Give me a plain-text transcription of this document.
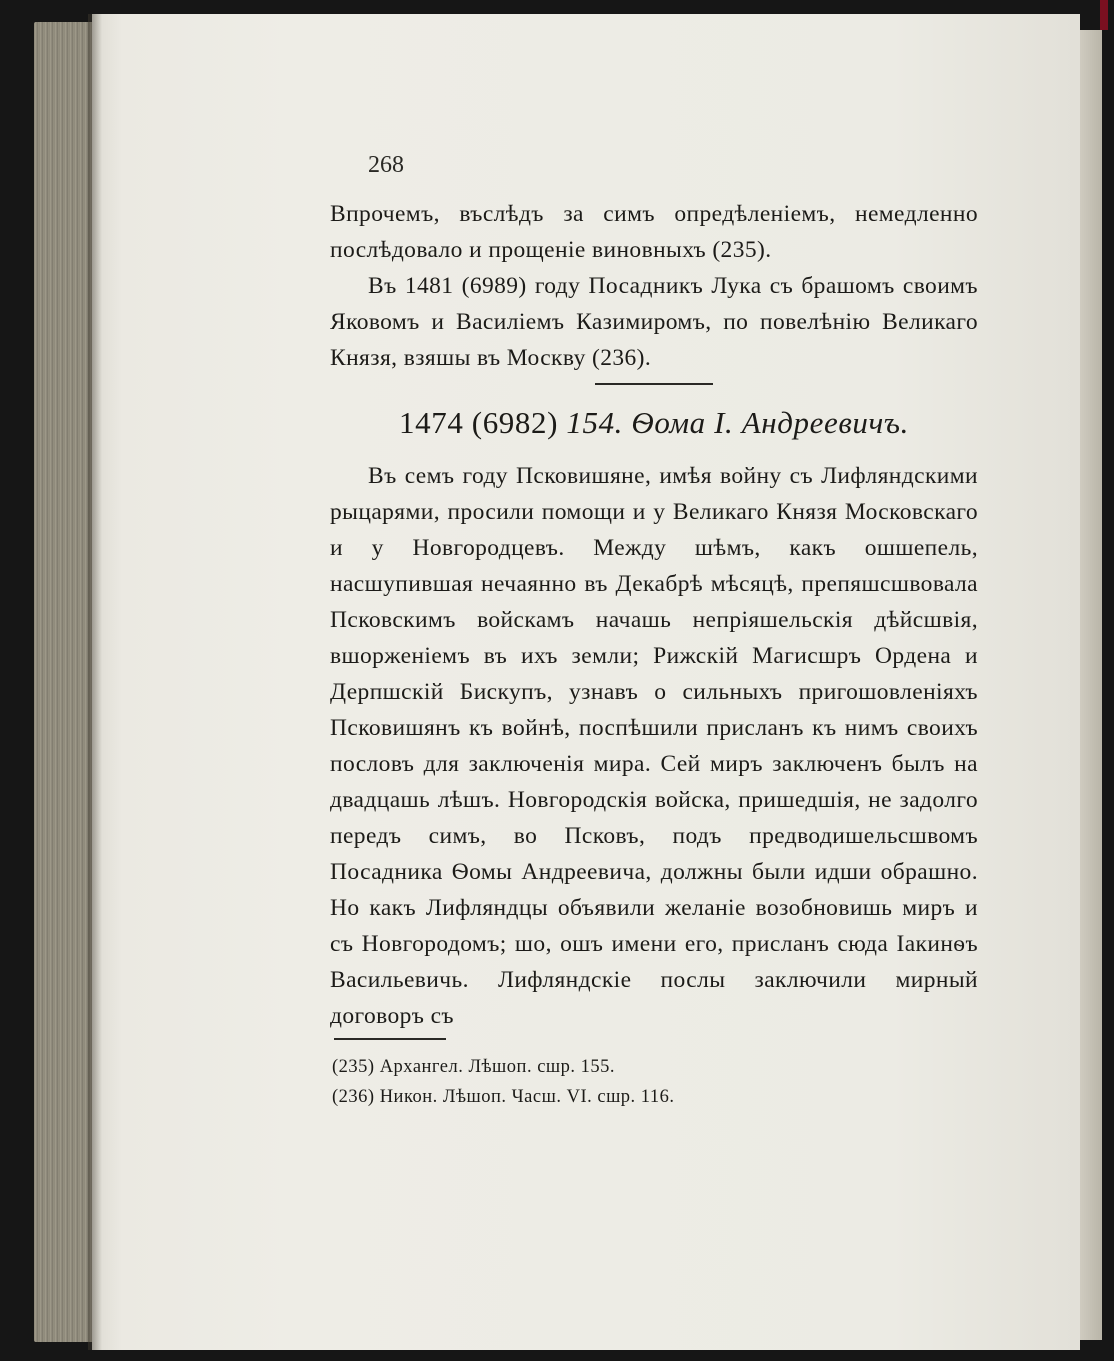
268

Впрочемъ, въслѣдъ за симъ опредѣленіемъ, немедленно послѣдовало и прощеніе виновныхъ (235).

Въ 1481 (6989) году Посадникъ Лука съ брашомъ своимъ Яковомъ и Василіемъ Казимиромъ, по повелѣнію Великаго Князя, взяшы въ Москву (236).

1474 (6982) 154. Ѳома I. Андреевичъ.

Въ семъ году Псковишяне, имѣя войну съ Лифляндскими рыцарями, просили помощи и у Великаго Князя Московскаго и у Новгородцевъ. Между шѣмъ, какъ ошшепель, насшупившая нечаянно въ Декабрѣ мѣсяцѣ, препяшсшвовала Псковскимъ войскамъ начашь непріяшельскія дѣйсшвія, вшорженіемъ въ ихъ земли; Рижскій Магисшръ Ордена и Дерпшскій Бискупъ, узнавъ о сильныхъ пригошовленіяхъ Псковишянъ къ войнѣ, поспѣшили присланъ къ нимъ своихъ пословъ для заключенія мира. Сей миръ заключенъ былъ на двадцашь лѣшъ. Новгородскія войска, пришедшія, не задолго передъ симъ, во Псковъ, подъ предводишельсшвомъ Посадника Ѳомы Андреевича, должны были идши обрашно. Но какъ Лифляндцы объявили желаніе возобновишь миръ и съ Новгородомъ; шо, ошъ имени его, присланъ сюда Іакинѳъ Васильевичь. Лифляндскіе послы заключили мирный договоръ съ

(235) Архангел. Лѣшоп. сшр. 155.
(236) Никон. Лѣшоп. Часш. VI. сшр. 116.
